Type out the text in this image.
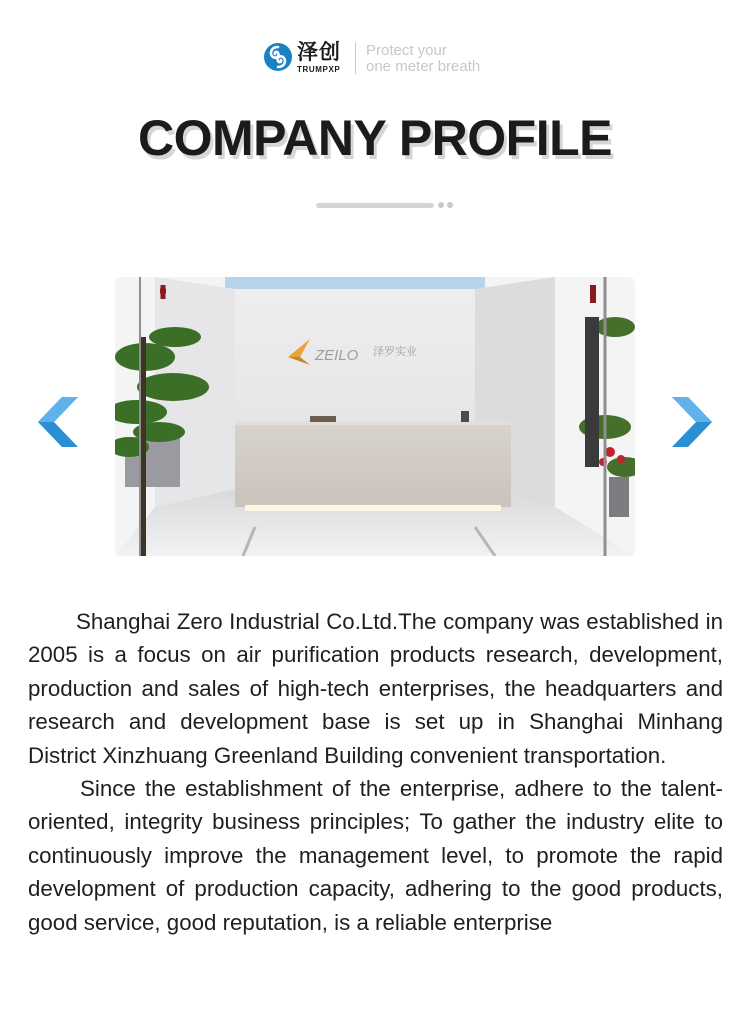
泽创
TRUMPXP
Protect your
one meter breath
COMPANY PROFILE
ZEILO 泽罗实业

Shanghai Zero Industrial Co.Ltd.The company was established in 2005 is a focus on air purification products research, development, production and sales of high-tech enterprises, the headquarters and research and development base is set up in Shanghai Minhang District Xinzhuang Greenland Building convenient transportation.

Since the establishment of the enterprise, adhere to the talent-oriented, integrity business principles; To gather the industry elite to continuously improve the management level, to promote the rapid development of production capacity, adhering to the good products, good service, good reputation, is a reliable enterprise
